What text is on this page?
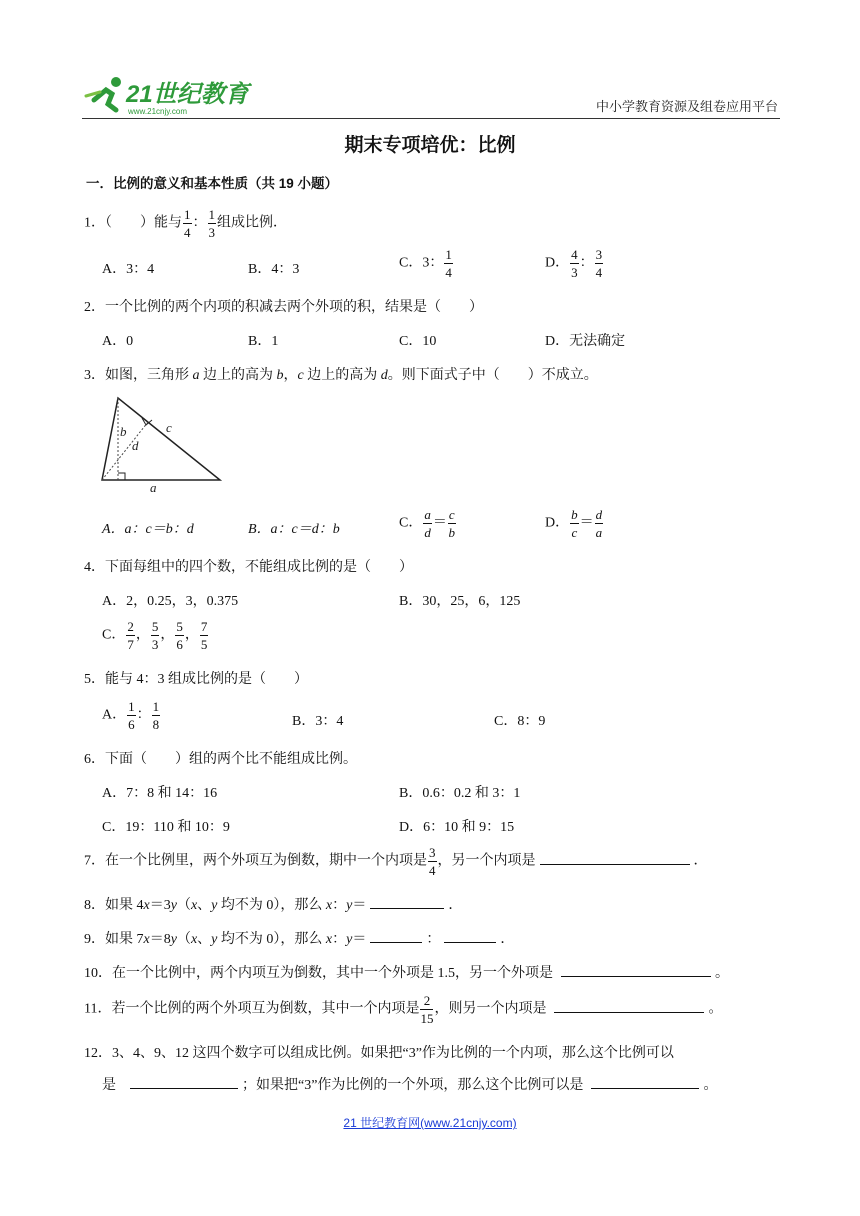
21世纪教育
www.21cnjy.com	中小学教育资源及组卷应用平台
期末专项培优：比例
一．比例的意义和基本性质（共 19 小题）
1．（　　）能与 $\frac{1}{4}$ ： $\frac{1}{3}$ 组成比例．
A．3：4	B．4：3	C．3： $\frac{1}{4}$	D． $\frac{4}{3}$ ： $\frac{3}{4}$
2．一个比例的两个内项的积减去两个外项的积，结果是（　　）
A．0	B．1	C．10	D．无法确定
3．如图，三角形 a 边上的高为 b，c 边上的高为 d。则下面式子中（　　）不成立。
b
d
c
a
A．a：c＝b：d	B．a：c＝d：b	C． $\frac{a}{d} = \frac{c}{b}$	D． $\frac{b}{c} = \frac{d}{a}$
4．下面每组中的四个数，不能组成比例的是（　　）
A．2，0.25，3，0.375	B．30，25，6，125
C． $\frac{2}{7}$ ， $\frac{5}{3}$ ， $\frac{5}{6}$ ， $\frac{7}{5}$
5．能与 4：3 组成比例的是（　　）
A． $\frac{1}{6}$ ： $\frac{1}{8}$	B．3：4	C．8：9
6．下面（　　）组的两个比不能组成比例。
A．7：8 和 14：16	B．0.6：0.2 和 3：1
C．19：110 和 10：9	D．6：10 和 9：15
7．在一个比例里，两个外项互为倒数，期中一个内项是 $\frac{3}{4}$ ，另一个内项是	．
8．如果 4x＝3y（x、y 均不为 0），那么 x：y＝	．
9．如果 7x＝8y（x、y 均不为 0），那么 x：y＝	：	．
10．在一个比例中，两个内项互为倒数，其中一个外项是 1.5，另一个外项是	。
11．若一个比例的两个外项互为倒数，其中一个内项是 $\frac{2}{15}$ ，则另一个内项是	。
12．3、4、9、12 这四个数字可以组成比例。如果把“3”作为比例的一个内项，那么这个比例可以
是	；如果把“3”作为比例的一个外项，那么这个比例可以是	。
21 世纪教育网(www.21cnjy.com)
